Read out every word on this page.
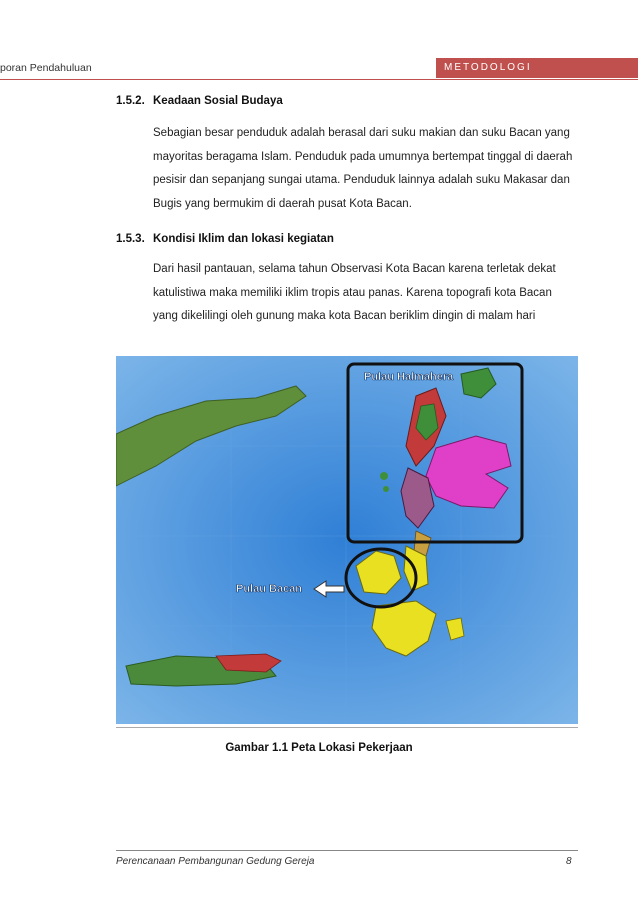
poran Pendahuluan	METODOLOGI
1.5.2. Keadaan Sosial Budaya
Sebagian besar penduduk adalah berasal dari suku makian dan suku Bacan yang
mayoritas beragama Islam. Penduduk pada umumnya bertempat tinggal di daerah
pesisir dan sepanjang sungai utama. Penduduk lainnya adalah suku Makasar dan
Bugis yang bermukim di daerah pusat Kota Bacan.
1.5.3. Kondisi Iklim dan lokasi kegiatan
Dari hasil pantauan, selama tahun Observasi Kota Bacan karena terletak dekat
katulistiwa maka memiliki iklim tropis atau panas. Karena topografi kota Bacan
yang dikelilingi oleh gunung maka kota Bacan beriklim dingin di malam hari
Pulau Halmahera
Pulau Bacan
Gambar 1.1 Peta Lokasi Pekerjaan
Perencanaan Pembangunan Gedung Gereja	8
